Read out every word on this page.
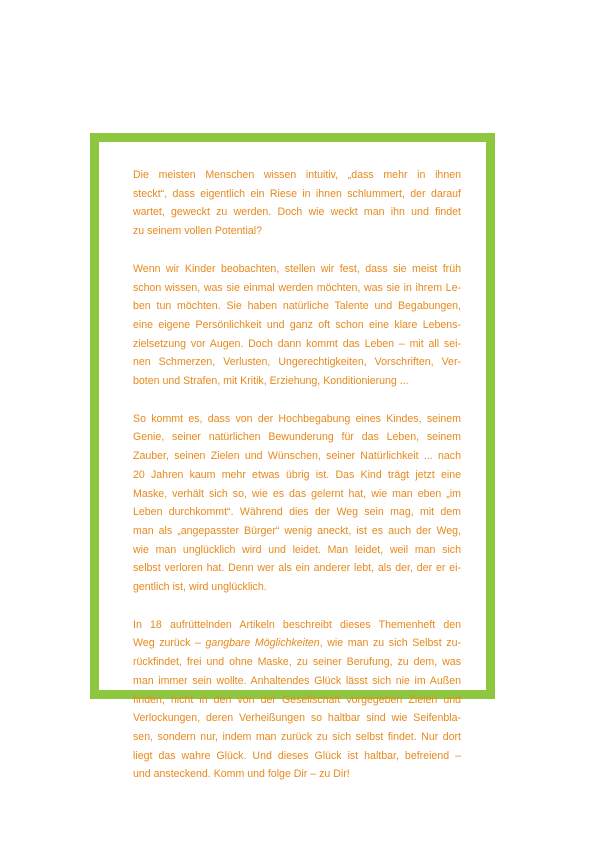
Die meisten Menschen wissen intuitiv, „dass mehr in ihnen
steckt“, dass eigentlich ein Riese in ihnen schlummert, der darauf
wartet, geweckt zu werden. Doch wie weckt man ihn und findet
zu seinem vollen Potential?

Wenn wir Kinder beobachten, stellen wir fest, dass sie meist früh
schon wissen, was sie einmal werden möchten, was sie in ihrem Le-
ben tun möchten. Sie haben natürliche Talente und Begabungen,
eine eigene Persönlichkeit und ganz oft schon eine klare Lebens-
zielsetzung vor Augen. Doch dann kommt das Leben – mit all sei-
nen Schmerzen, Verlusten, Ungerechtigkeiten, Vorschriften, Ver-
boten und Strafen, mit Kritik, Erziehung, Konditionierung ...

So kommt es, dass von der Hochbegabung eines Kindes, seinem
Genie, seiner natürlichen Bewunderung für das Leben, seinem
Zauber, seinen Zielen und Wünschen, seiner Natürlichkeit ... nach
20 Jahren kaum mehr etwas übrig ist. Das Kind trägt jetzt eine
Maske, verhält sich so, wie es das gelernt hat, wie man eben „im
Leben durchkommt“. Während dies der Weg sein mag, mit dem
man als „angepasster Bürger“ wenig aneckt, ist es auch der Weg,
wie man unglücklich wird und leidet. Man leidet, weil man sich
selbst verloren hat. Denn wer als ein anderer lebt, als der, der er ei-
gentlich ist, wird unglücklich.

In 18 aufrüttelnden Artikeln beschreibt dieses Themenheft den
Weg zurück – gangbare Möglichkeiten, wie man zu sich Selbst zu-
rückfindet, frei und ohne Maske, zu seiner Berufung, zu dem, was
man immer sein wollte. Anhaltendes Glück lässt sich nie im Außen
finden, nicht in den von der Gesellschaft vorgegeben Zielen und
Verlockungen, deren Verheißungen so haltbar sind wie Seifenbla-
sen, sondern nur, indem man zurück zu sich selbst findet. Nur dort
liegt das wahre Glück. Und dieses Glück ist haltbar, befreiend –
und ansteckend. Komm und folge Dir – zu Dir!
